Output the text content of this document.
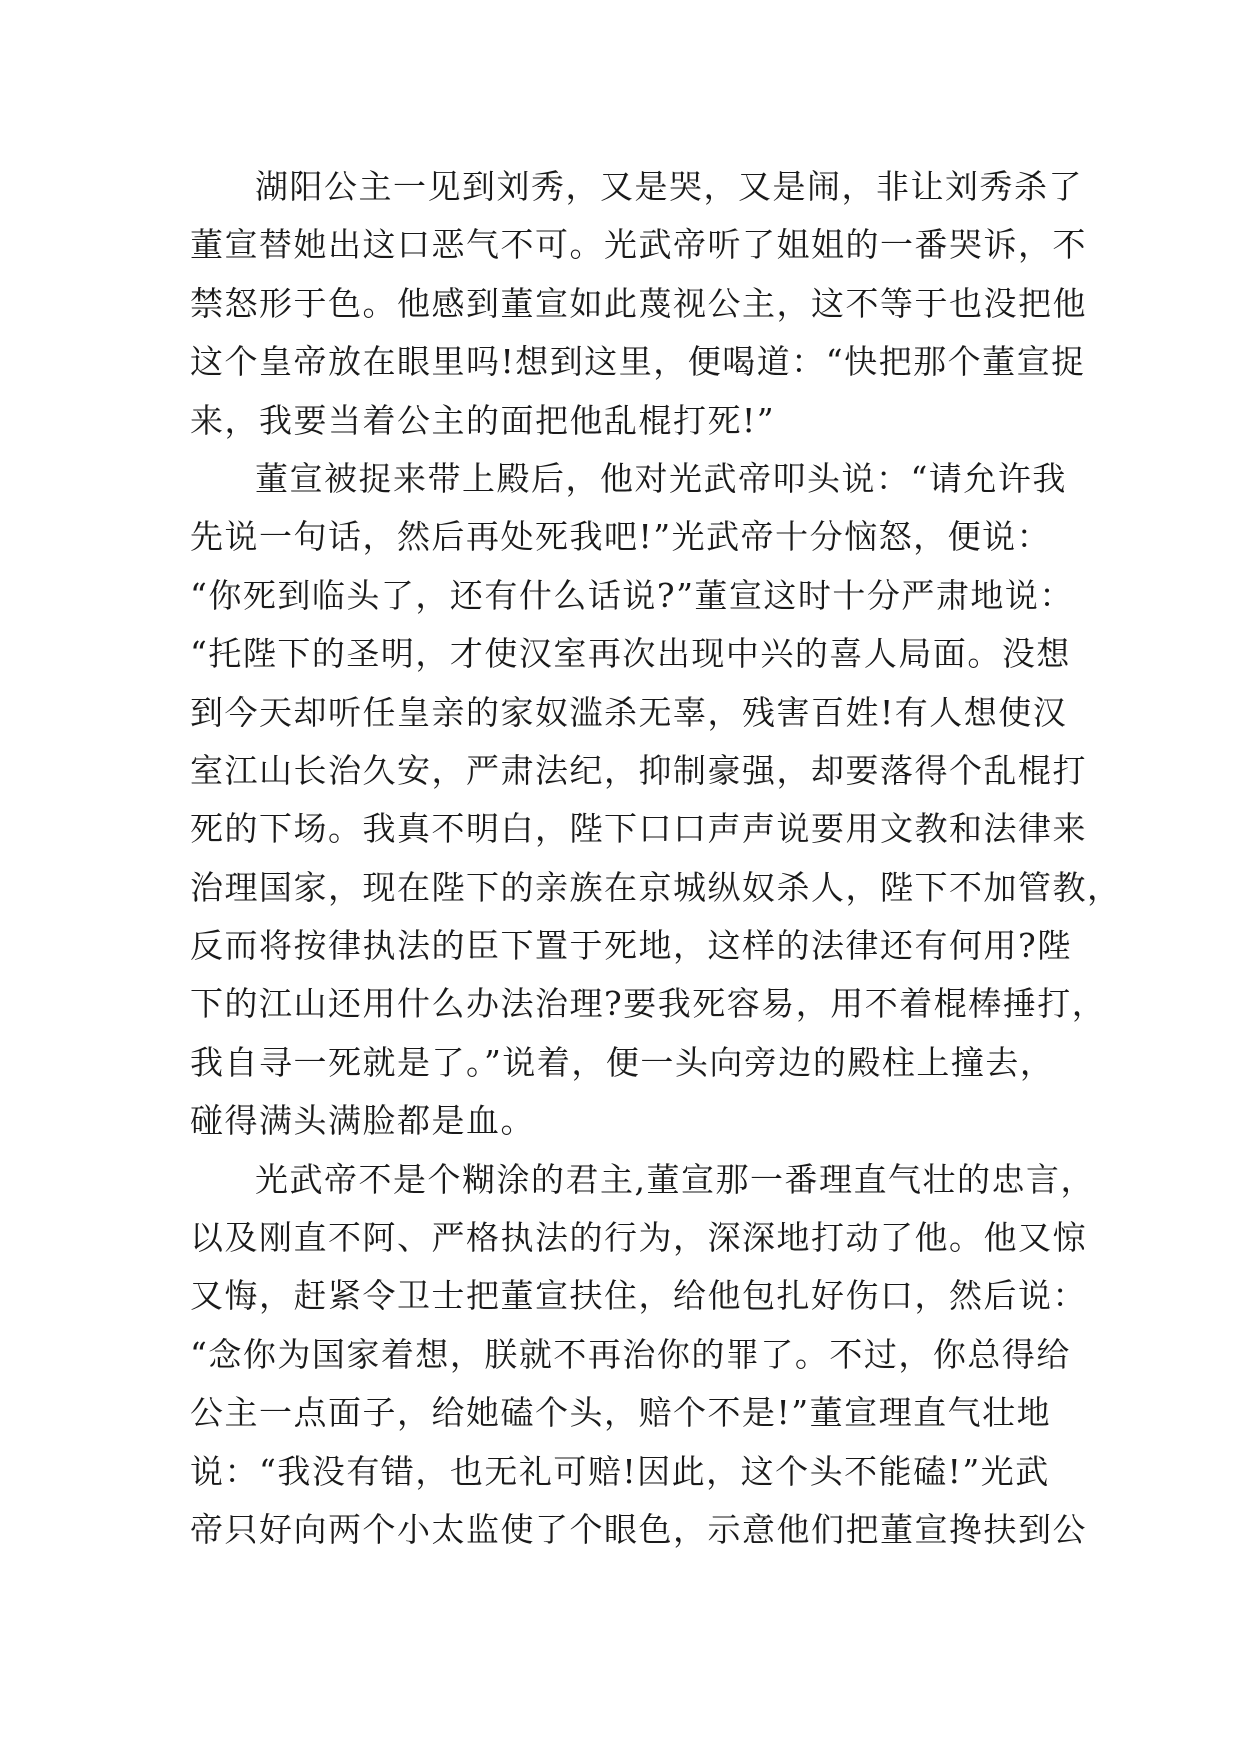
湖阳公主一见到刘秀，又是哭，又是闹，非让刘秀杀了
董宣替她出这口恶气不可。光武帝听了姐姐的一番哭诉，不
禁怒形于色。他感到董宣如此蔑视公主，这不等于也没把他
这个皇帝放在眼里吗!想到这里，便喝道：“快把那个董宣捉
来，我要当着公主的面把他乱棍打死!”
董宣被捉来带上殿后，他对光武帝叩头说：“请允许我
先说一句话，然后再处死我吧!”光武帝十分恼怒，便说：
“你死到临头了，还有什么话说?”董宣这时十分严肃地说：
“托陛下的圣明，才使汉室再次出现中兴的喜人局面。没想
到今天却听任皇亲的家奴滥杀无辜，残害百姓!有人想使汉
室江山长治久安，严肃法纪，抑制豪强，却要落得个乱棍打
死的下场。我真不明白，陛下口口声声说要用文教和法律来
治理国家，现在陛下的亲族在京城纵奴杀人，陛下不加管教，
反而将按律执法的臣下置于死地，这样的法律还有何用?陛
下的江山还用什么办法治理?要我死容易，用不着棍棒捶打，
我自寻一死就是了。”说着，便一头向旁边的殿柱上撞去，
碰得满头满脸都是血。
光武帝不是个糊涂的君主,董宣那一番理直气壮的忠言，
以及刚直不阿、严格执法的行为，深深地打动了他。他又惊
又悔，赶紧令卫士把董宣扶住，给他包扎好伤口，然后说：
“念你为国家着想，朕就不再治你的罪了。不过，你总得给
公主一点面子，给她磕个头，赔个不是!”董宣理直气壮地
说：“我没有错，也无礼可赔!因此，这个头不能磕!”光武
帝只好向两个小太监使了个眼色，示意他们把董宣搀扶到公
